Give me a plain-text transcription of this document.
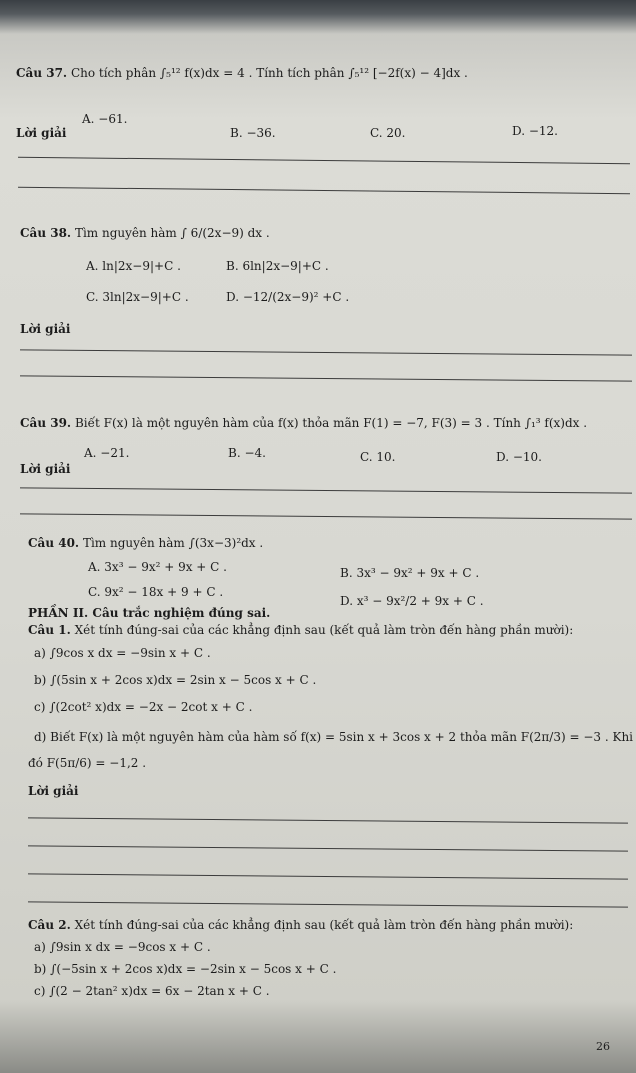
Câu 37. Cho tích phân ∫₅¹² f(x)dx = 4 . Tính tích phân ∫₅¹² [−2f(x) − 4]dx .
A. −61.
Lời giải	B. −36.	C. 20.	D. −12.
Câu 38. Tìm nguyên hàm ∫ 6/(2x−9) dx .
A. ln|2x−9|+C .	B. 6ln|2x−9|+C .
C. 3ln|2x−9|+C .	D. −12/(2x−9)² +C .
Lời giải
Câu 39. Biết F(x) là một nguyên hàm của f(x) thỏa mãn F(1) = −7, F(3) = 3 . Tính ∫₁³ f(x)dx .
A. −21.	B. −4.
Lời giải
C. 10.	D. −10.
Câu 40. Tìm nguyên hàm ∫(3x−3)²dx .
A. 3x³ − 9x² + 9x + C .	B. 3x³ − 9x² + 9x + C .
C. 9x² − 18x + 9 + C .
D. x³ − 9x²/2 + 9x + C .
PHẦN II. Câu trắc nghiệm đúng sai.
Câu 1. Xét tính đúng-sai của các khẳng định sau (kết quả làm tròn đến hàng phần mười):
a) ∫9cos x dx = −9sin x + C .
b) ∫(5sin x + 2cos x)dx = 2sin x − 5cos x + C .
c) ∫(2cot² x)dx = −2x − 2cot x + C .
d) Biết F(x) là một nguyên hàm của hàm số f(x) = 5sin x + 3cos x + 2 thỏa mãn F(2π/3) = −3 . Khi
đó F(5π/6) = −1,2 .
Lời giải
Câu 2. Xét tính đúng-sai của các khẳng định sau (kết quả làm tròn đến hàng phần mười):
a) ∫9sin x dx = −9cos x + C .
b) ∫(−5sin x + 2cos x)dx = −2sin x − 5cos x + C .
c) ∫(2 − 2tan² x)dx = 6x − 2tan x + C .
26
